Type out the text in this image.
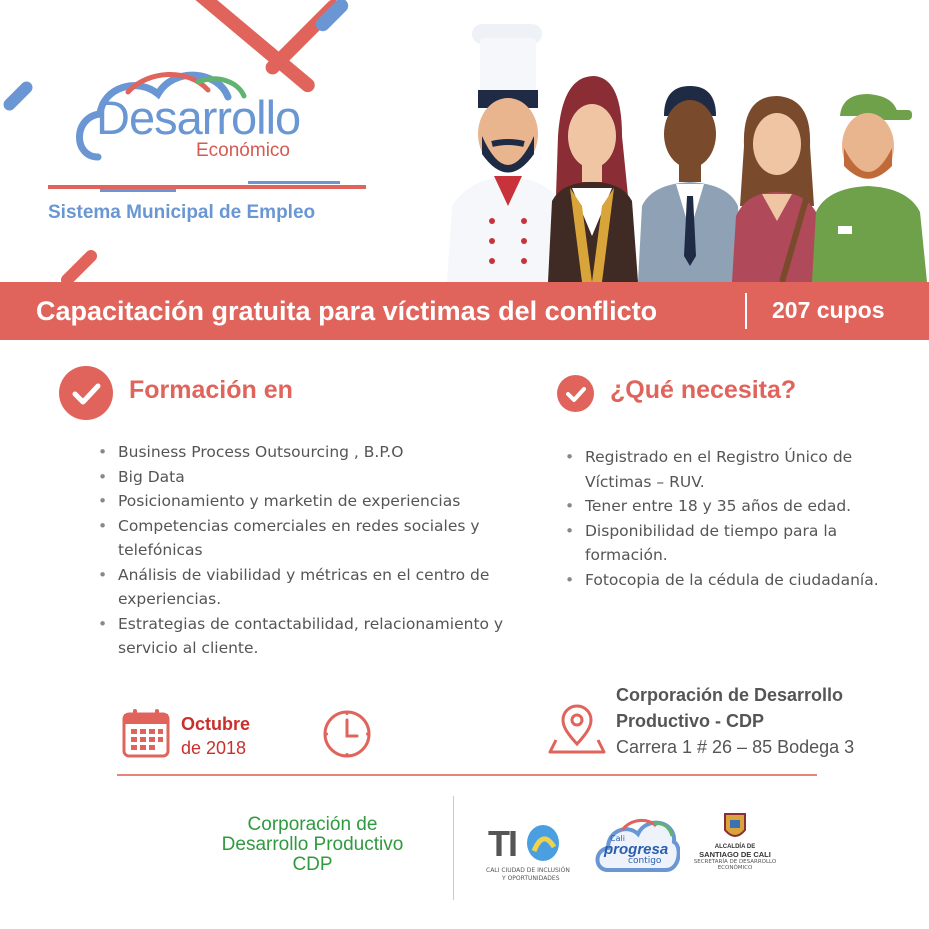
Desarrollo
Económico
Sistema Municipal de Empleo
Capacitación gratuita para víctimas del conflicto	207 cupos
Formación en
• Business Process Outsourcing , B.P.O
• Big Data
• Posicionamiento y marketin de experiencias
• Competencias comerciales en redes sociales y telefónicas
• Análisis de viabilidad y métricas en el centro de experiencias.
• Estrategias de contactabilidad, relacionamiento y servicio al cliente.
¿Qué necesita?
• Registrado en el Registro Único de Víctimas – RUV.
• Tener entre 18 y 35 años de edad.
• Disponibilidad de tiempo para la formación.
• Fotocopia de la cédula de ciudadanía.
Octubre
de 2018
Corporación de Desarrollo
Productivo - CDP
Carrera 1 # 26 – 85 Bodega 3
Corporación de
Desarrollo Productivo
CDP
TI
CALI CIUDAD DE INCLUSIÓN
Y OPORTUNIDADES
Cali
progresa
contigo
ALCALDÍA DE
SANTIAGO DE CALI
SECRETARÍA DE DESARROLLO
ECONÓMICO
